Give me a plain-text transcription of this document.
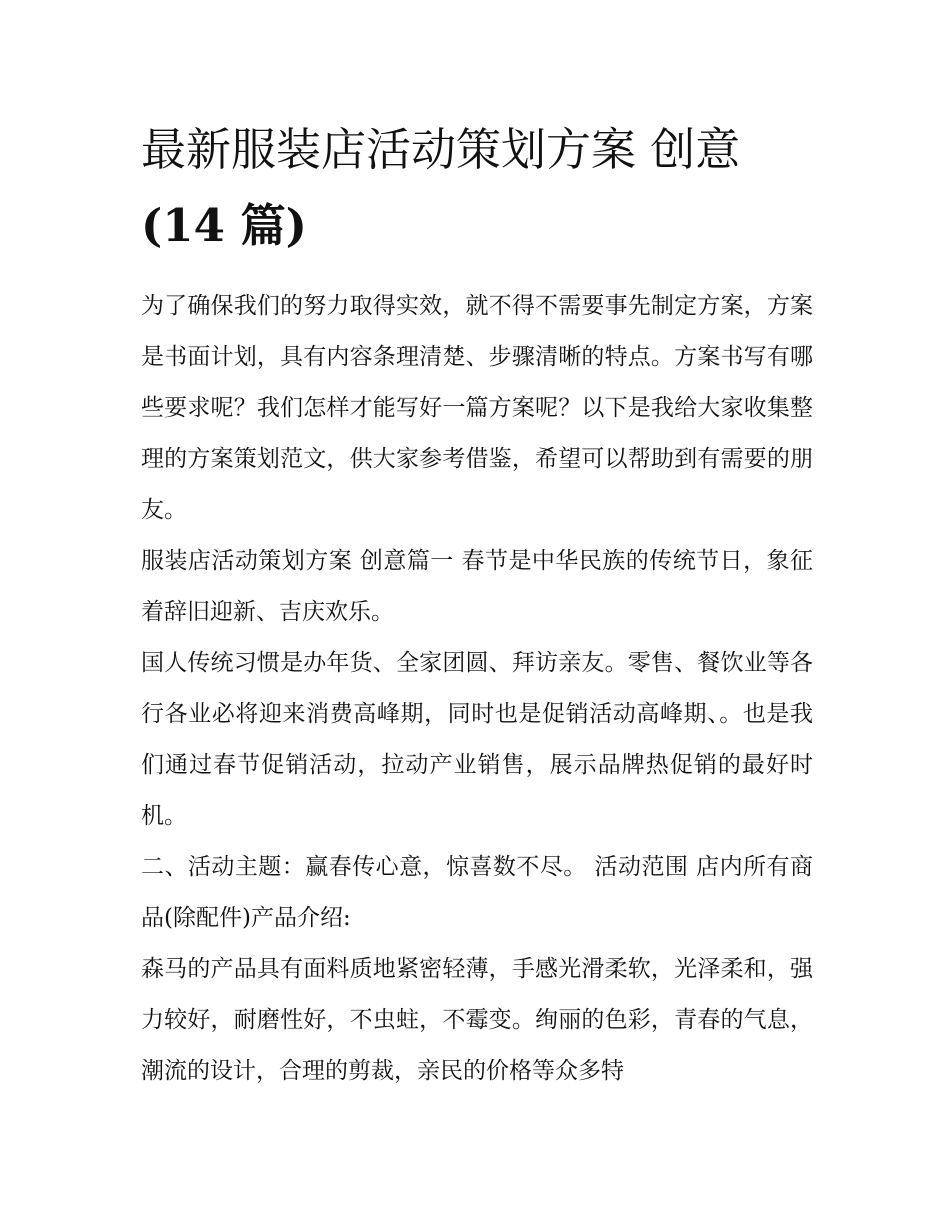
最新服装店活动策划方案 创意
(14 篇)

为了确保我们的努力取得实效，就不得不需要事先制定方案，方案是书面计划，具有内容条理清楚、步骤清晰的特点。方案书写有哪些要求呢？我们怎样才能写好一篇方案呢？以下是我给大家收集整理的方案策划范文，供大家参考借鉴，希望可以帮助到有需要的朋友。

服装店活动策划方案 创意篇一 春节是中华民族的传统节日，象征着辞旧迎新、吉庆欢乐。

国人传统习惯是办年货、全家团圆、拜访亲友。零售、餐饮业等各行各业必将迎来消费高峰期，同时也是促销活动高峰期、。也是我们通过春节促销活动，拉动产业销售，展示品牌热促销的最好时机。

二、活动主题：赢春传心意，惊喜数不尽。 活动范围 店内所有商品(除配件)产品介绍:

森马的产品具有面料质地紧密轻薄，手感光滑柔软，光泽柔和，强力较好，耐磨性好，不虫蛀，不霉变。绚丽的色彩，青春的气息，潮流的设计，合理的剪裁，亲民的价格等众多特
